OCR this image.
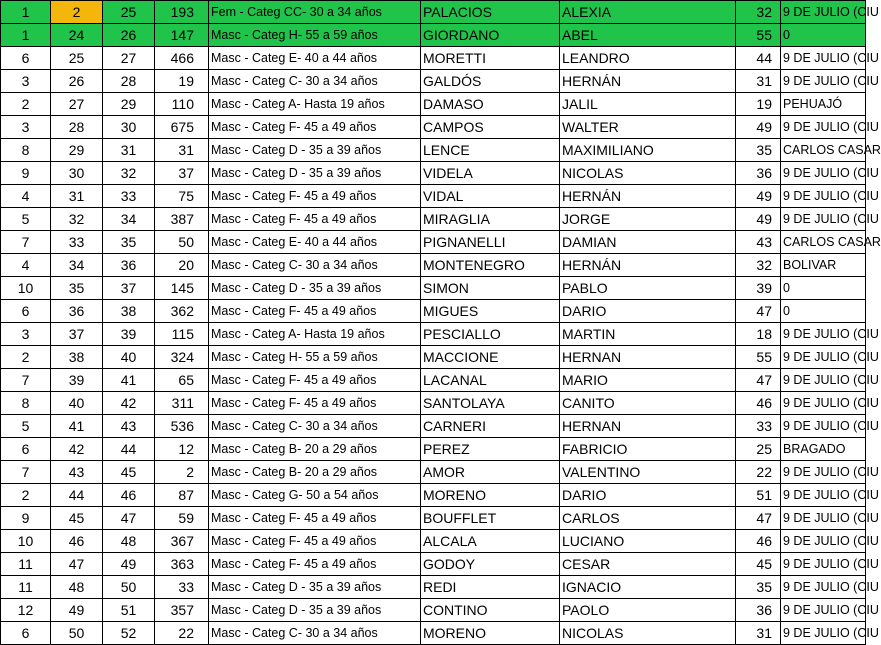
1	2	25	193	Fem - Categ CC- 30 a 34 años	PALACIOS	ALEXIA	32	9 DE JULIO (CIU
1	24	26	147	Masc - Categ H- 55 a 59 años	GIORDANO	ABEL	55	0
6	25	27	466	Masc - Categ E- 40 a 44 años	MORETTI	LEANDRO	44	9 DE JULIO (CIU
3	26	28	19	Masc - Categ C- 30 a 34 años	GALDÓS	HERNÁN	31	9 DE JULIO (CIU
2	27	29	110	Masc - Categ A- Hasta 19 años	DAMASO	JALIL	19	PEHUAJÓ
3	28	30	675	Masc - Categ F- 45 a 49 años	CAMPOS	WALTER	49	9 DE JULIO (CIU
8	29	31	31	Masc - Categ D - 35 a 39 años	LENCE	MAXIMILIANO	35	CARLOS CASAR
9	30	32	37	Masc - Categ D - 35 a 39 años	VIDELA	NICOLAS	36	9 DE JULIO (CIU
4	31	33	75	Masc - Categ F- 45 a 49 años	VIDAL	HERNÁN	49	9 DE JULIO (CIU
5	32	34	387	Masc - Categ F- 45 a 49 años	MIRAGLIA	JORGE	49	9 DE JULIO (CIU
7	33	35	50	Masc - Categ E- 40 a 44 años	PIGNANELLI	DAMIAN	43	CARLOS CASAR
4	34	36	20	Masc - Categ C- 30 a 34 años	MONTENEGRO	HERNÁN	32	BOLIVAR
10	35	37	145	Masc - Categ D - 35 a 39 años	SIMON	PABLO	39	0
6	36	38	362	Masc - Categ F- 45 a 49 años	MIGUES	DARIO	47	0
3	37	39	115	Masc - Categ A- Hasta 19 años	PESCIALLO	MARTIN	18	9 DE JULIO (CIU
2	38	40	324	Masc - Categ H- 55 a 59 años	MACCIONE	HERNAN	55	9 DE JULIO (CIU
7	39	41	65	Masc - Categ F- 45 a 49 años	LACANAL	MARIO	47	9 DE JULIO (CIU
8	40	42	311	Masc - Categ F- 45 a 49 años	SANTOLAYA	CANITO	46	9 DE JULIO (CIU
5	41	43	536	Masc - Categ C- 30 a 34 años	CARNERI	HERNAN	33	9 DE JULIO (CIU
6	42	44	12	Masc - Categ B- 20 a 29 años	PEREZ	FABRICIO	25	BRAGADO
7	43	45	2	Masc - Categ B- 20 a 29 años	AMOR	VALENTINO	22	9 DE JULIO (CIU
2	44	46	87	Masc - Categ G- 50 a 54 años	MORENO	DARIO	51	9 DE JULIO (CIU
9	45	47	59	Masc - Categ F- 45 a 49 años	BOUFFLET	CARLOS	47	9 DE JULIO (CIU
10	46	48	367	Masc - Categ F- 45 a 49 años	ALCALA	LUCIANO	46	9 DE JULIO (CIU
11	47	49	363	Masc - Categ F- 45 a 49 años	GODOY	CESAR	45	9 DE JULIO (CIU
11	48	50	33	Masc - Categ D - 35 a 39 años	REDI	IGNACIO	35	9 DE JULIO (CIU
12	49	51	357	Masc - Categ D - 35 a 39 años	CONTINO	PAOLO	36	9 DE JULIO (CIU
6	50	52	22	Masc - Categ C- 30 a 34 años	MORENO	NICOLAS	31	9 DE JULIO (CIU
